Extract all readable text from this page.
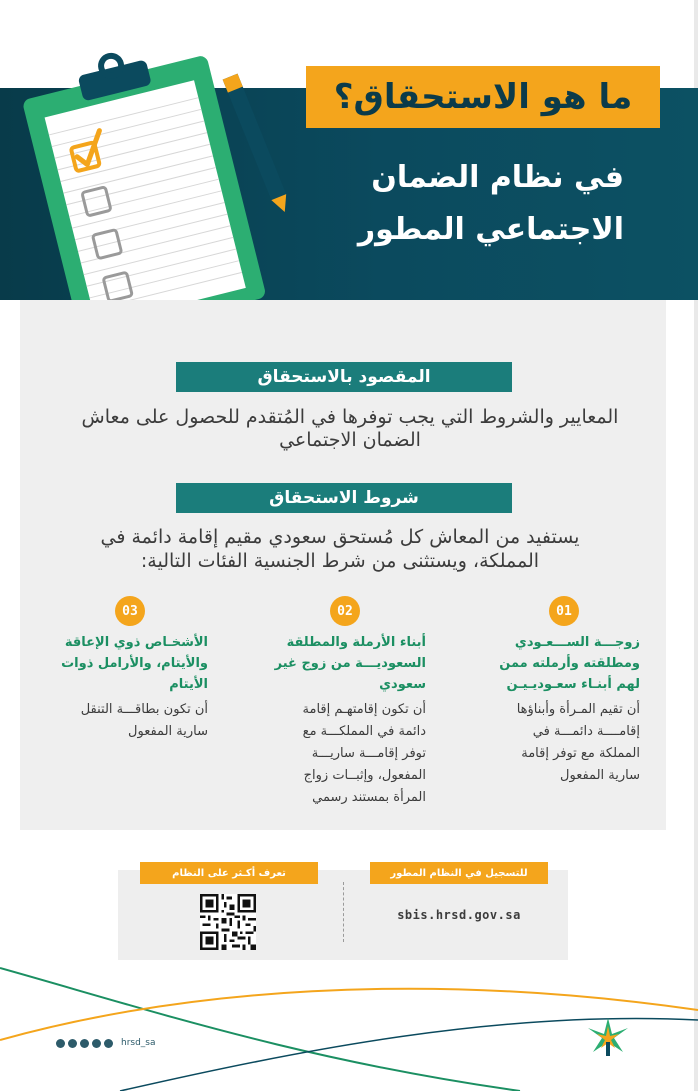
ما هو الاستحقاق؟
في نظام الضمان
الاجتماعي المطور
المقصود بالاستحقاق
المعايير والشروط التي يجب توفرها في المُتقدم للحصول على معاش
الضمان الاجتماعي
شروط الاستحقاق
يستفيد من المعاش كل مُستحق سعودي مقيم إقامة دائمة في
المملكة، ويستثنى من شرط الجنسية الفئات التالية:
01
02
03
زوجـــة الســـعـودي
ومطلقته وأرملته ممن
لهم أبنـاء سعـوديـيـن
أن تقيم المـرأة وأبناؤها
إقامــــة دائمـــة في
المملكة مع توفر إقامة
سارية المفعول
أبناء الأرملة والمطلقة
السعوديـــة من زوج غير
سعودي
أن تكون إقامتهـم إقامة
دائمة في المملكـــة مع
توفر إقامـــة ساريـــة
المفعول، وإثبــات زواج
المرأة بمستند رسمي
الأشخـاص ذوي الإعاقة
والأيتام، والأرامل ذوات
الأيتام
أن تكون بطاقـــة التنقل
سارية المفعول
للتسجيل في النظام المطور
تعرف أكـثر على النظام
sbis.hrsd.gov.sa
hrsd_sa
